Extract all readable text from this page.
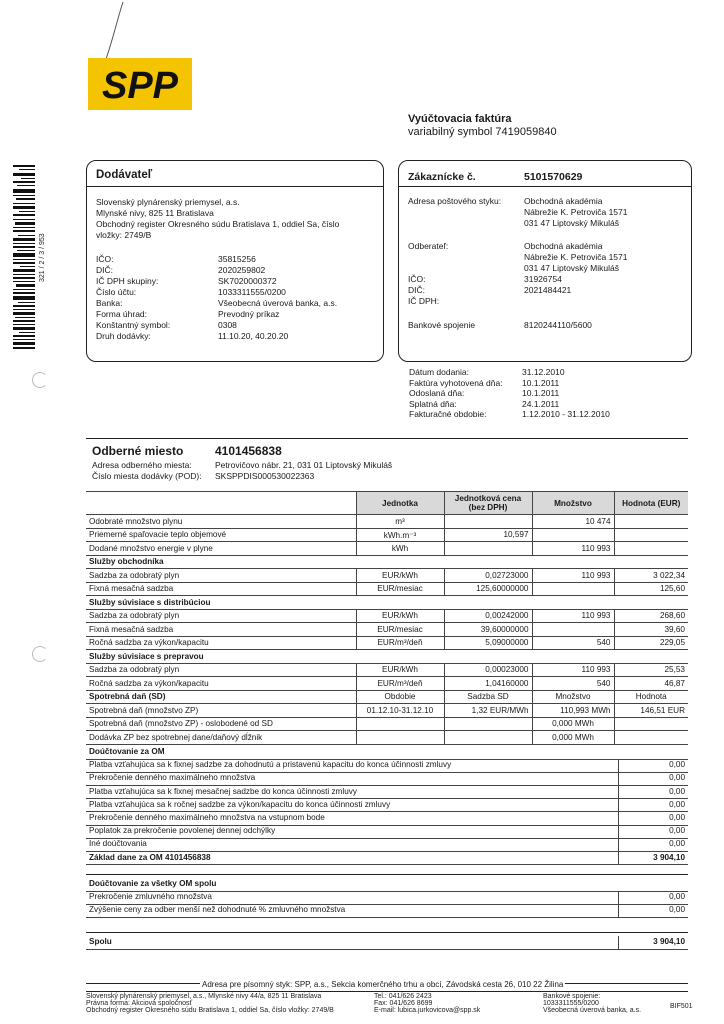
SPP
Vyúčtovacia faktúra
variabilný symbol 7419059840
321 / 2 / 3 / 953
Dodávateľ
Slovenský plynárenský priemysel, a.s.
Mlynské nivy, 825 11 Bratislava
Obchodný register Okresného súdu Bratislava 1, oddiel Sa, číslo
vložky: 2749/B
IČO:	35815256
DIČ:	2020259802
IČ DPH skupiny:	SK7020000372
Číslo účtu:	1033311555/0200
Banka:	Všeobecná úverová banka, a.s.
Forma úhrad:	Prevodný príkaz
Konštantný symbol:	0308
Druh dodávky:	11.10.20, 40.20.20
Zákaznícke č.	5101570629
Adresa poštového styku:	Obchodná akadémia
Nábrežie K. Petroviča 1571
031 47 Liptovský Mikuláš
Odberateľ:	Obchodná akadémia
Nábrežie K. Petroviča 1571
031 47 Liptovský Mikuláš
IČO:	31926754
DIČ:	2021484421
IČ DPH:
Bankové spojenie	8120244110/5600
Dátum dodania:	31.12.2010
Faktúra vyhotovená dňa: 10.1.2011
Odoslaná dňa:	10.1.2011
Splatná dňa:	24.1.2011
Fakturačné obdobie:	1.12.2010 - 31.12.2010
Odberné miesto	4101456838
Adresa odberného miesta:	Petrovičovo nábr. 21, 031 01 Liptovský Mikuláš
Číslo miesta dodávky (POD): SKSPPDIS000530022363
	Jednotka	Jednotková cena (bez DPH)	Množstvo	Hodnota (EUR)
Odobraté množstvo plynu	m³		10 474	
Priemerné spaľovacie teplo objemové	kWh.m⁻³	10,597		
Dodané množstvo energie v plyne	kWh		110 993	
Služby obchodníka				
Sadzba za odobratý plyn	EUR/kWh	0,02723000	110 993	3 022,34
Fixná mesačná sadzba	EUR/mesiac	125,60000000		125,60
Služby súvisiace s distribúciou				
Sadzba za odobratý plyn	EUR/kWh	0,00242000	110 993	268,60
Fixná mesačná sadzba	EUR/mesiac	39,60000000		39,60
Ročná sadzba za výkon/kapacitu	EUR/m³/deň	5,09000000	540	229,05
Služby súvisiace s prepravou				
Sadzba za odobratý plyn	EUR/kWh	0,00023000	110 993	25,53
Ročná sadzba za výkon/kapacitu	EUR/m³/deň	1,04160000	540	46,87
Spotrebná daň (SD)	Obdobie	Sadzba SD	Množstvo	Hodnota
Spotrebná daň (množstvo ZP)	01.12.10-31.12.10	1,32 EUR/MWh	110,993 MWh	146,51 EUR
Spotrebná daň (množstvo ZP) - oslobodené od SD			0,000 MWh	
Dodávka ZP bez spotrebnej dane/daňový dĺžnik			0,000 MWh	
Doúčtovanie za OM
Platba vzťahujúca sa k fixnej sadzbe za dohodnutú a pristavenú kapacitu do konca účinnosti zmluvy	0,00
Prekročenie denného maximálneho množstva	0,00
Platba vzťahujúca sa k fixnej mesačnej sadzbe do konca účinnosti zmluvy	0,00
Platba vzťahujúca sa k ročnej sadzbe za výkon/kapacitu do konca účinnosti zmluvy	0,00
Prekročenie denného maximálneho množstva na vstupnom bode	0,00
Poplatok za prekročenie povolenej dennej odchýlky	0,00
Iné doúčtovania	0,00
Základ dane za OM 4101456838	3 904,10
Doúčtovanie za všetky OM spolu
Prekročenie zmluvného množstva	0,00
Zvýšenie ceny za odber menší než dohodnuté % zmluvného množstva	0,00
Spolu	3 904,10
Adresa pre písomný styk: SPP, a.s., Sekcia komerčného trhu a obcí, Závodská cesta 26, 010 22 Žilina
Slovenský plynárenský priemysel, a.s., Mlynské nivy 44/a, 825 11 Bratislava
Právna forma: Akciová spoločnosť
Obchodný register Okresného súdu Bratislava 1, oddiel Sa, číslo vložky: 2749/B
Tel.: 041/626 2423
Fax: 041/626 8699
E-mail: lubica.jurkovicova@spp.sk
Bankové spojenie:
1033311555/0200
Všeobecná úverová banka, a.s.
BIF501
